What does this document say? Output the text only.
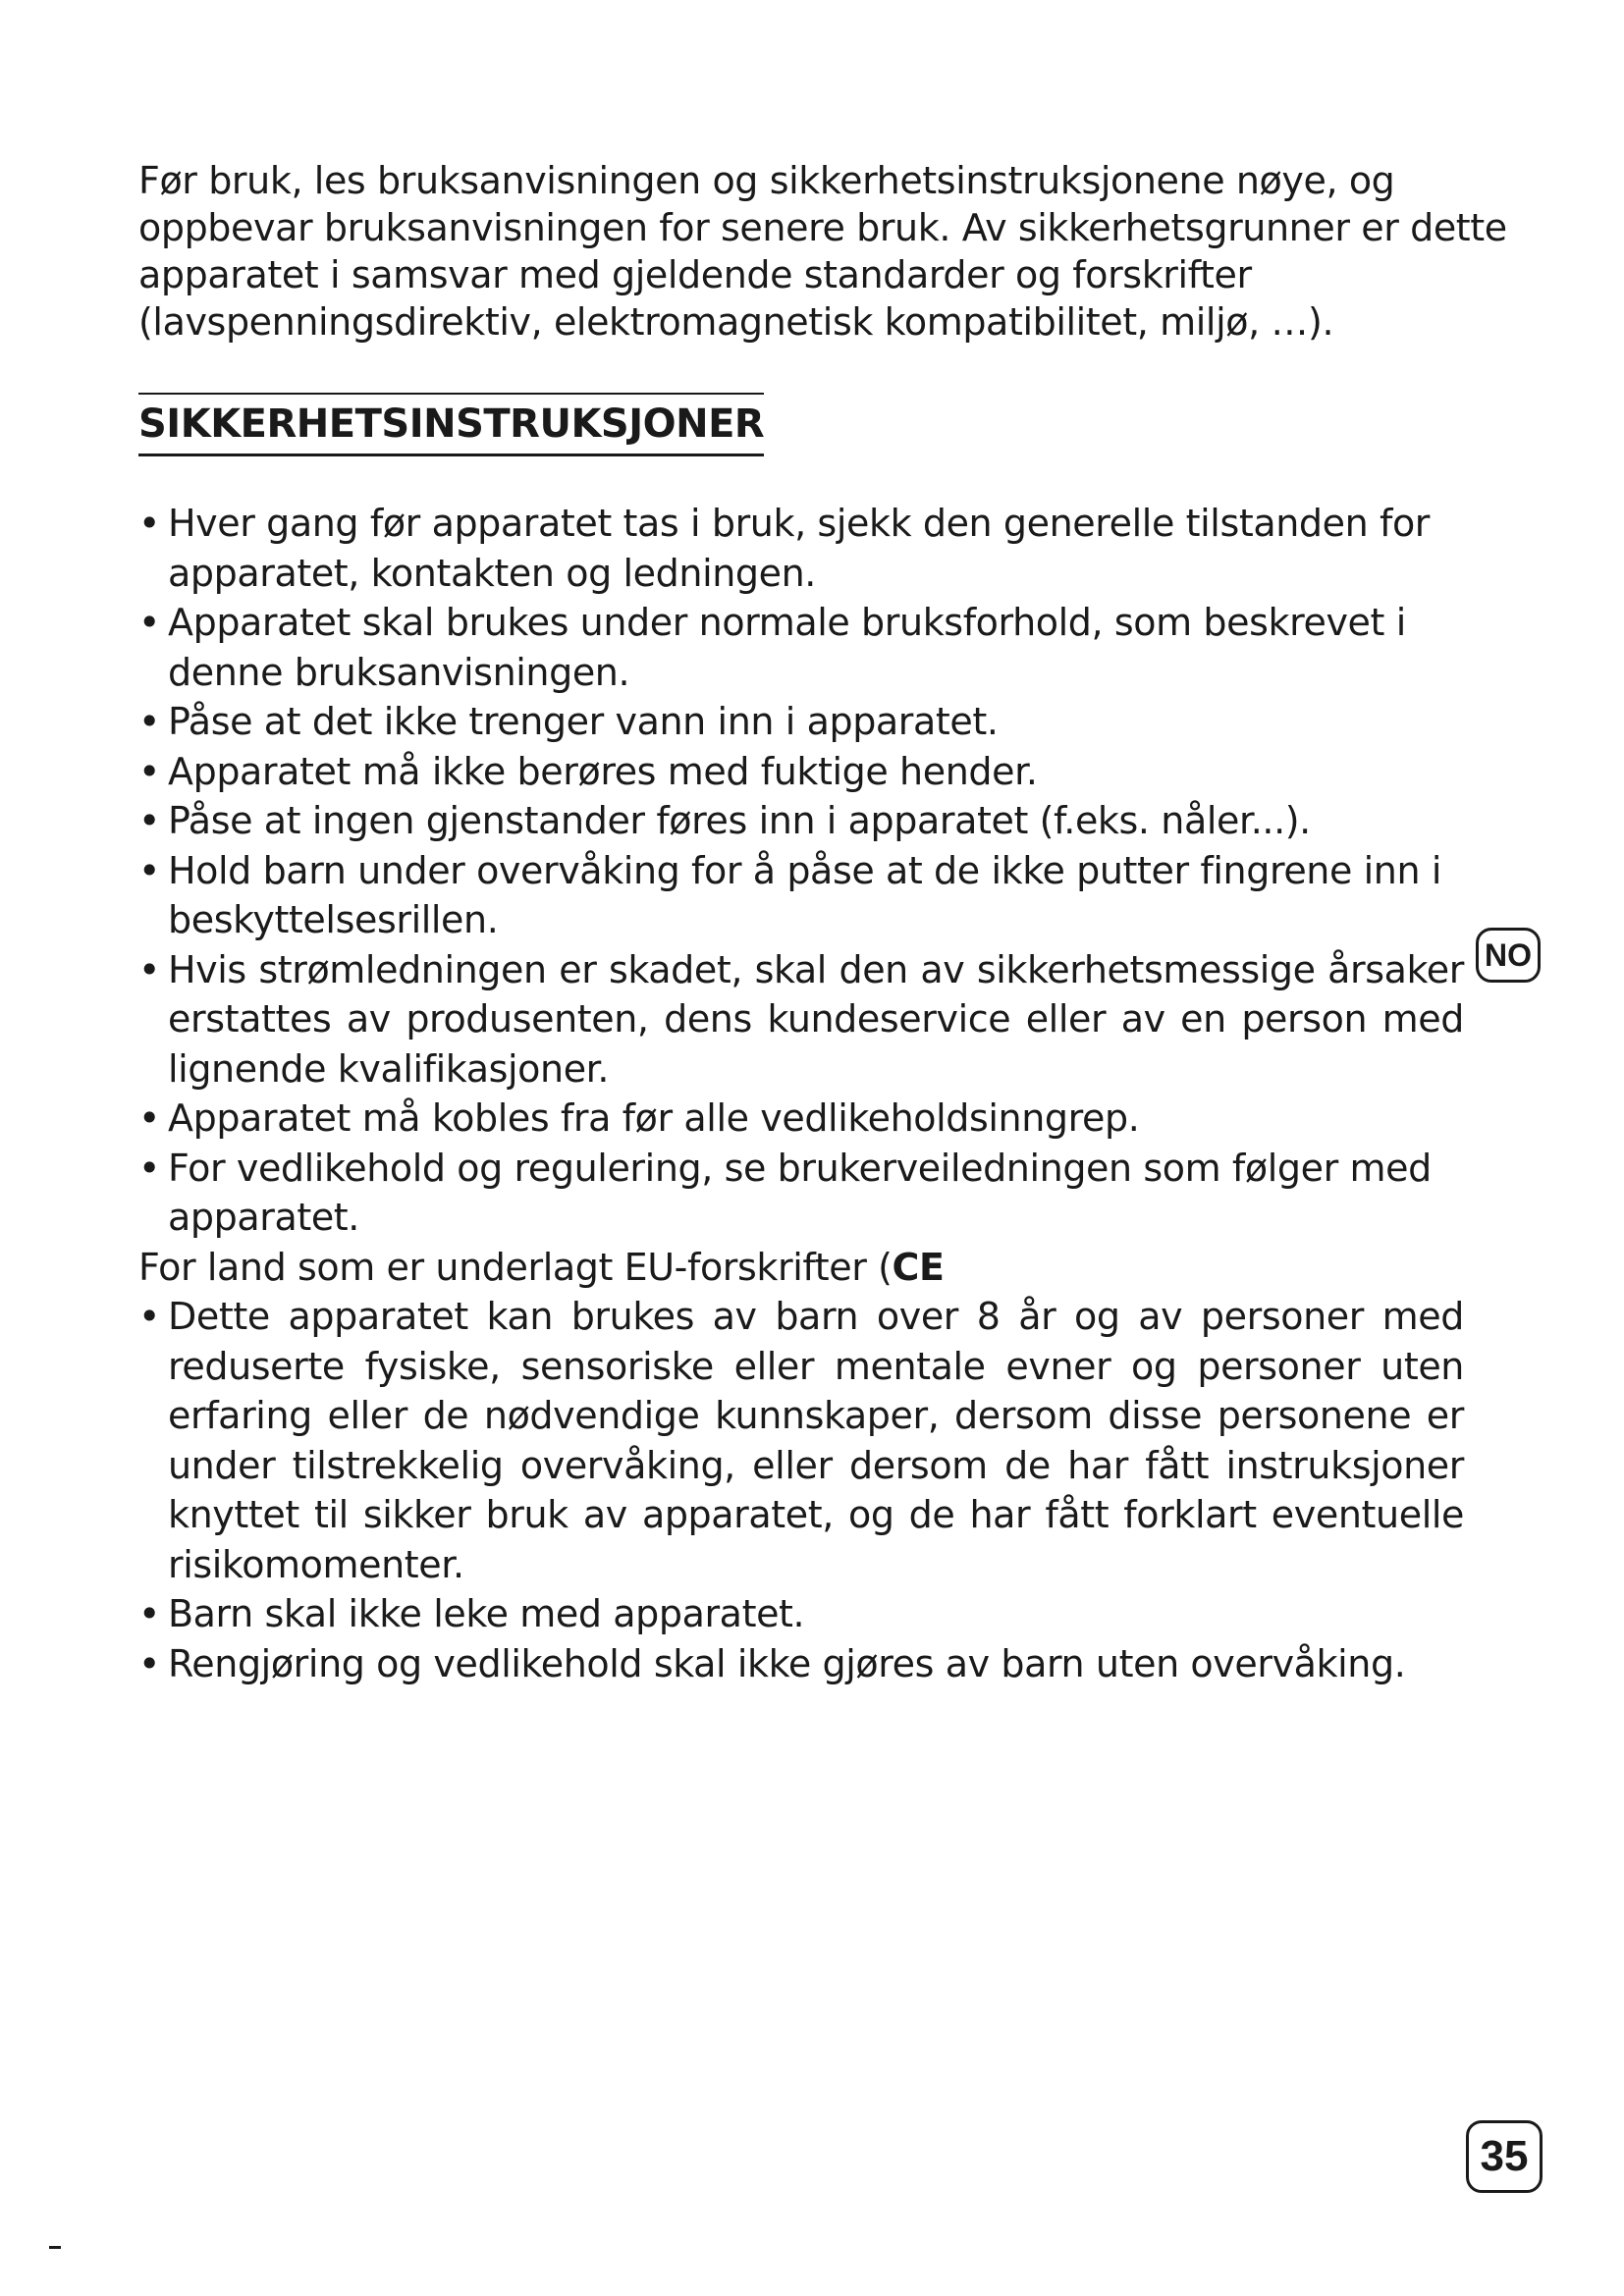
Før bruk, les bruksanvisningen og sikkerhetsinstruksjonene nøye, og oppbevar bruksanvisningen for senere bruk. Av sikkerhetsgrunner er dette apparatet i samsvar med gjeldende standarder og forskrifter (lavspenningsdirektiv, elektromagnetisk kompatibilitet, miljø, …).

SIKKERHETSINSTRUKSJONER
• Hver gang før apparatet tas i bruk, sjekk den generelle tilstanden for apparatet, kontakten og ledningen.
• Apparatet skal brukes under normale bruksforhold, som beskrevet i denne bruksanvisningen.
• Påse at det ikke trenger vann inn i apparatet.
• Apparatet må ikke berøres med fuktige hender.
• Påse at ingen gjenstander føres inn i apparatet (f.eks. nåler...).
• Hold barn under overvåking for å påse at de ikke putter fingrene inn i beskyttelsesrillen.
• Hvis strømledningen er skadet, skal den av sikkerhetsmessige årsaker erstattes av produsenten, dens kundeservice eller av en person med lignende kvalifikasjoner.
• Apparatet må kobles fra før alle vedlikeholdsinngrep.
• For vedlikehold og regulering, se brukerveiledningen som følger med apparatet.
For land som er underlagt EU-forskrifter (CE
• Dette apparatet kan brukes av barn over 8 år og av personer med reduserte fysiske, sensoriske eller mentale evner og personer uten erfaring eller de nødvendige kunnskaper, dersom disse personene er under tilstrekkelig overvåking, eller dersom de har fått instruksjoner knyttet til sikker bruk av apparatet, og de har fått forklart eventuelle risikomomenter.
• Barn skal ikke leke med apparatet.
• Rengjøring og vedlikehold skal ikke gjøres av barn uten overvåking.
NO
35
